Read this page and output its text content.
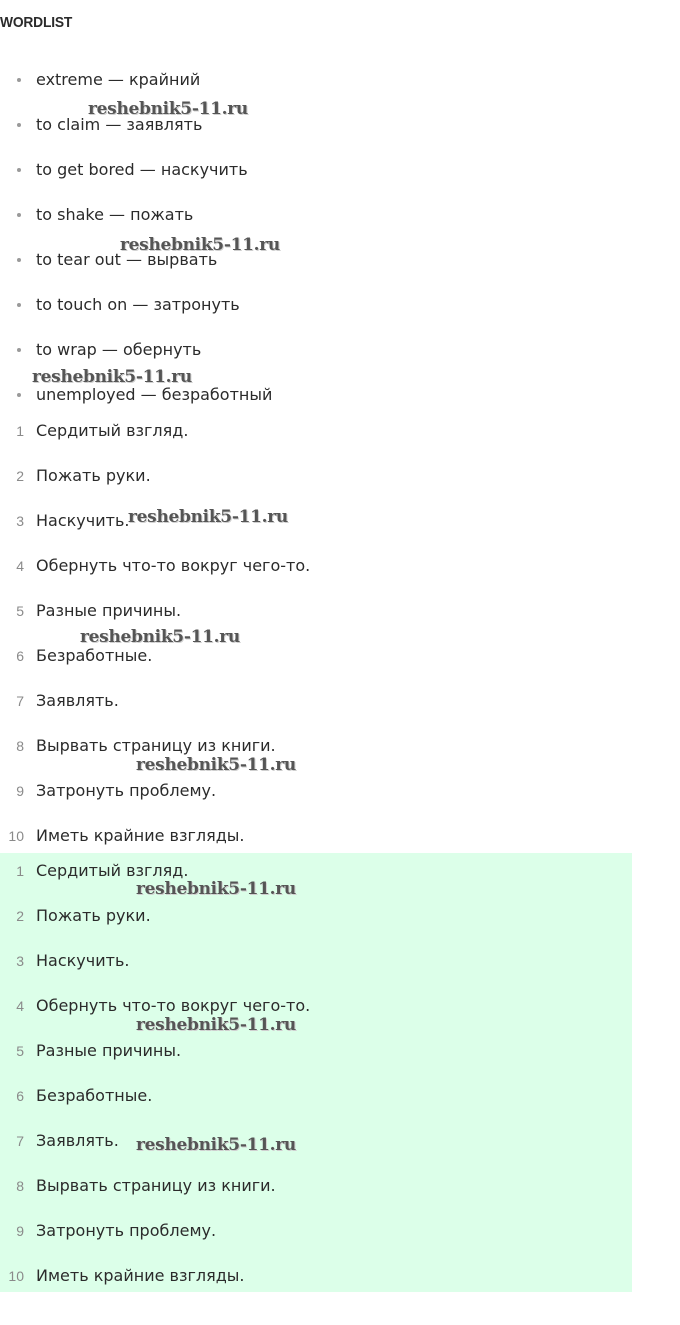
WORDLIST
extreme — крайний
to claim — заявлять
to get bored — наскучить
to shake — пожать
to tear out — вырвать
to touch on — затронуть
to wrap — обернуть
unemployed — безработный
1 Сердитый взгляд.
2 Пожать руки.
3 Наскучить.
4 Обернуть что-то вокруг чего-то.
5 Разные причины.
6 Безработные.
7 Заявлять.
8 Вырвать страницу из книги.
9 Затронуть проблему.
10 Иметь крайние взгляды.
1 Сердитый взгляд.
2 Пожать руки.
3 Наскучить.
4 Обернуть что-то вокруг чего-то.
5 Разные причины.
6 Безработные.
7 Заявлять.
8 Вырвать страницу из книги.
9 Затронуть проблему.
10 Иметь крайние взгляды.
reshebnik5-11.ru
reshebnik5-11.ru
reshebnik5-11.ru
reshebnik5-11.ru
reshebnik5-11.ru
reshebnik5-11.ru
reshebnik5-11.ru
reshebnik5-11.ru
reshebnik5-11.ru
